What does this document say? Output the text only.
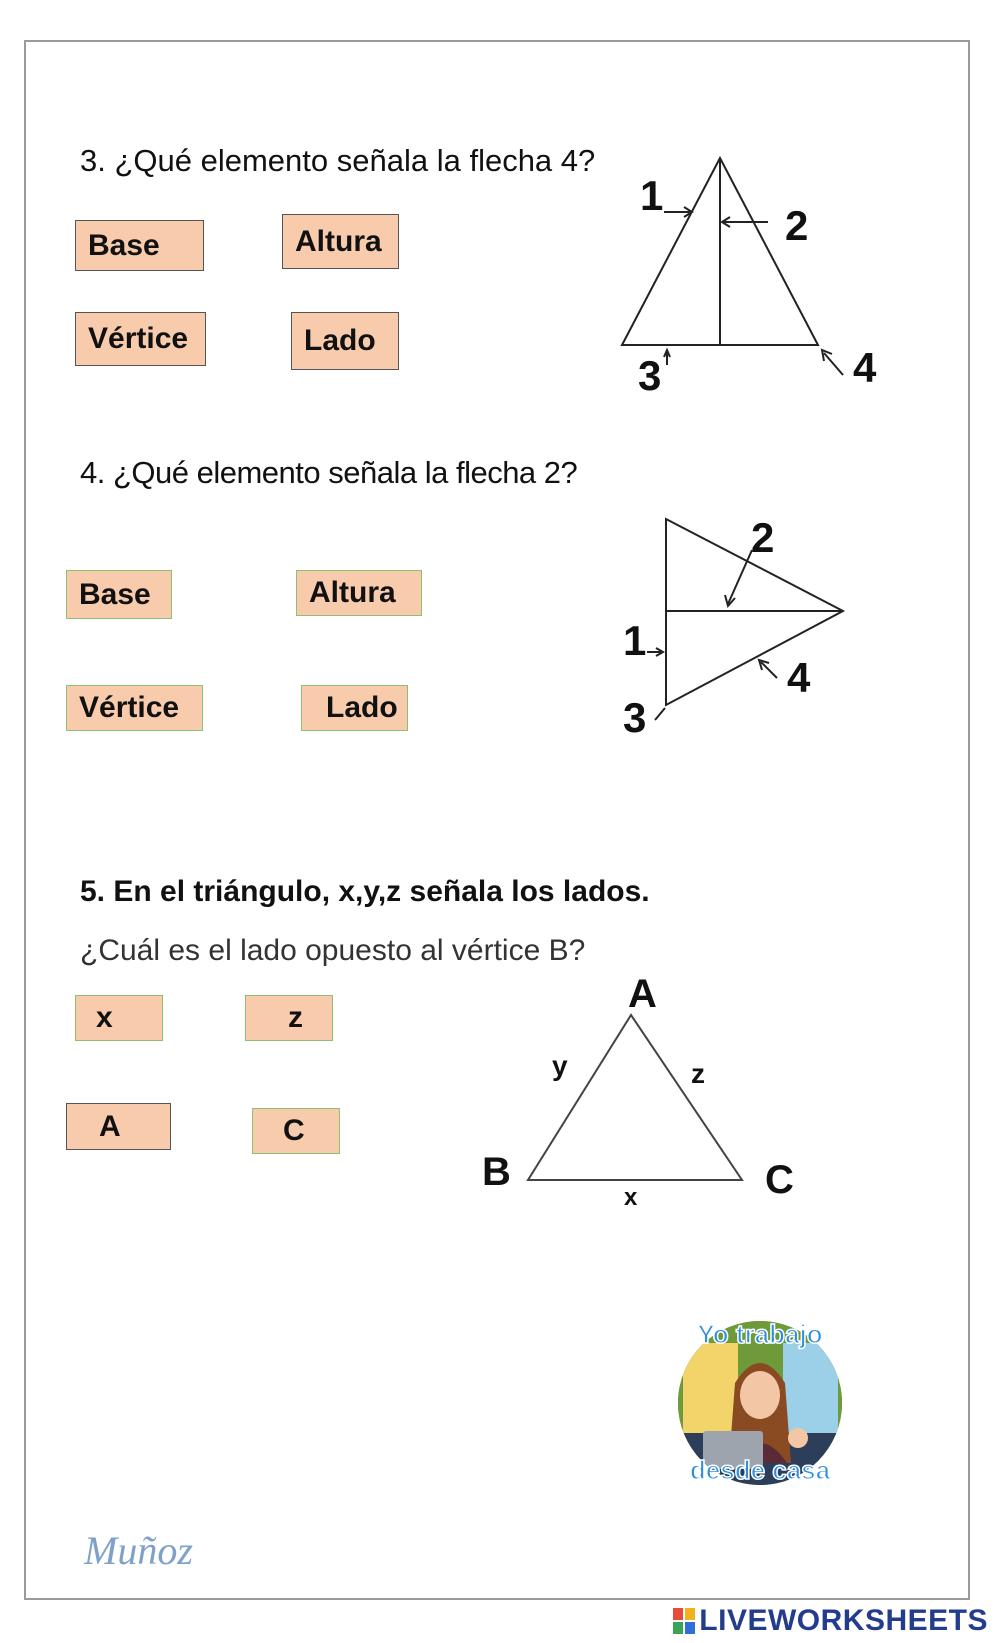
3. ¿Qué elemento señala la flecha 4?
Base	Altura
Vértice	Lado
1
2
3	4
4. ¿Qué elemento señala la flecha 2?
Base	Altura
Vértice	Lado
2
1
4
3
5. En el triángulo, x,y,z señala los lados.
¿Cuál es el lado opuesto al vértice B?
x	z
A	C
A
B	C
y	z
x
Yo trabajo
desde casa
Muñoz
LIVEWORKSHEETS
